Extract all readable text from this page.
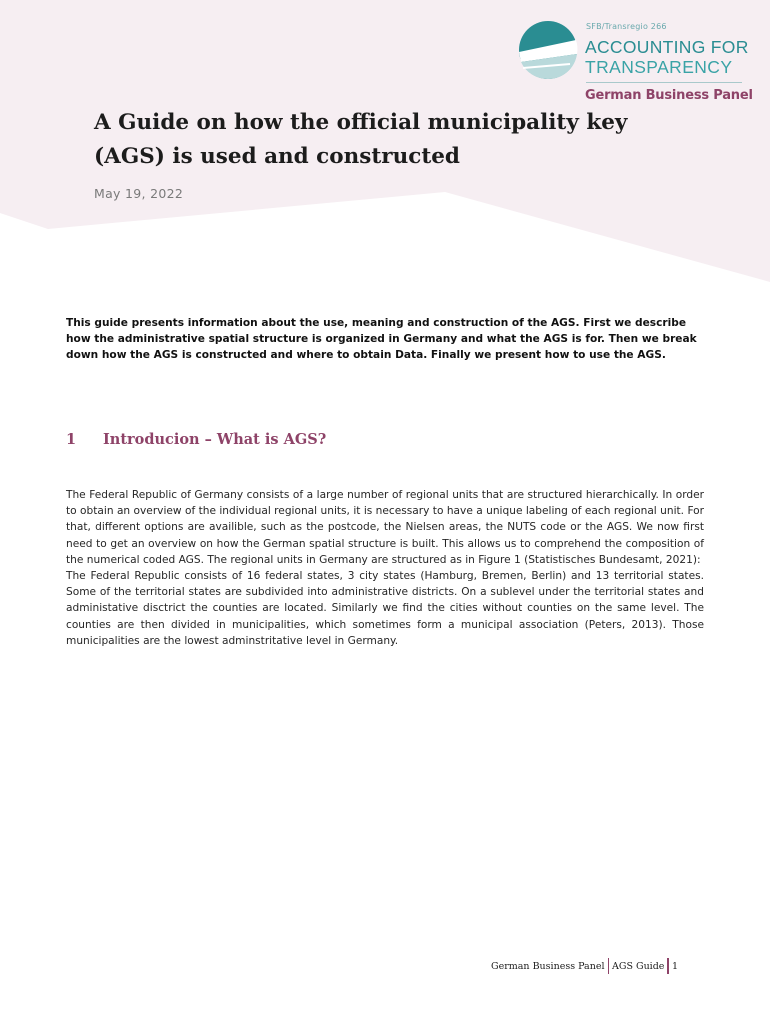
SFB/Transregio 266
ACCOUNTING FOR
TRANSPARENCY
German Business Panel
A Guide on how the official municipality key (AGS) is used and constructed
May 19, 2022

This guide presents information about the use, meaning and construction of the AGS. First we describe how the administrative spatial structure is organized in Germany and what the AGS is for. Then we break down how the AGS is constructed and where to obtain Data. Finally we present how to use the AGS.

1 Introducion – What is AGS?

The Federal Republic of Germany consists of a large number of regional units that are structured hierarchically. In order to obtain an overview of the individual regional units, it is necessary to have a unique labeling of each regional unit. For that, different options are availible, such as the postcode, the Nielsen areas, the NUTS code or the AGS. We now first need to get an overview on how the German spatial structure is built. This allows us to comprehend the composition of the numerical coded AGS. The regional units in Germany are structured as in Figure 1 (Statistisches Bundesamt, 2021):

The Federal Republic consists of 16 federal states, 3 city states (Hamburg, Bremen, Berlin) and 13 territorial states. Some of the territorial states are subdivided into administrative districts. On a sublevel under the territorial states and administative disctrict the counties are located. Similarly we find the cities without counties on the same level. The counties are then divided in municipalities, which sometimes form a municipal association (Peters, 2013). Those municipalities are the lowest adminstritative level in Germany.

German Business Panel AGS Guide 1
